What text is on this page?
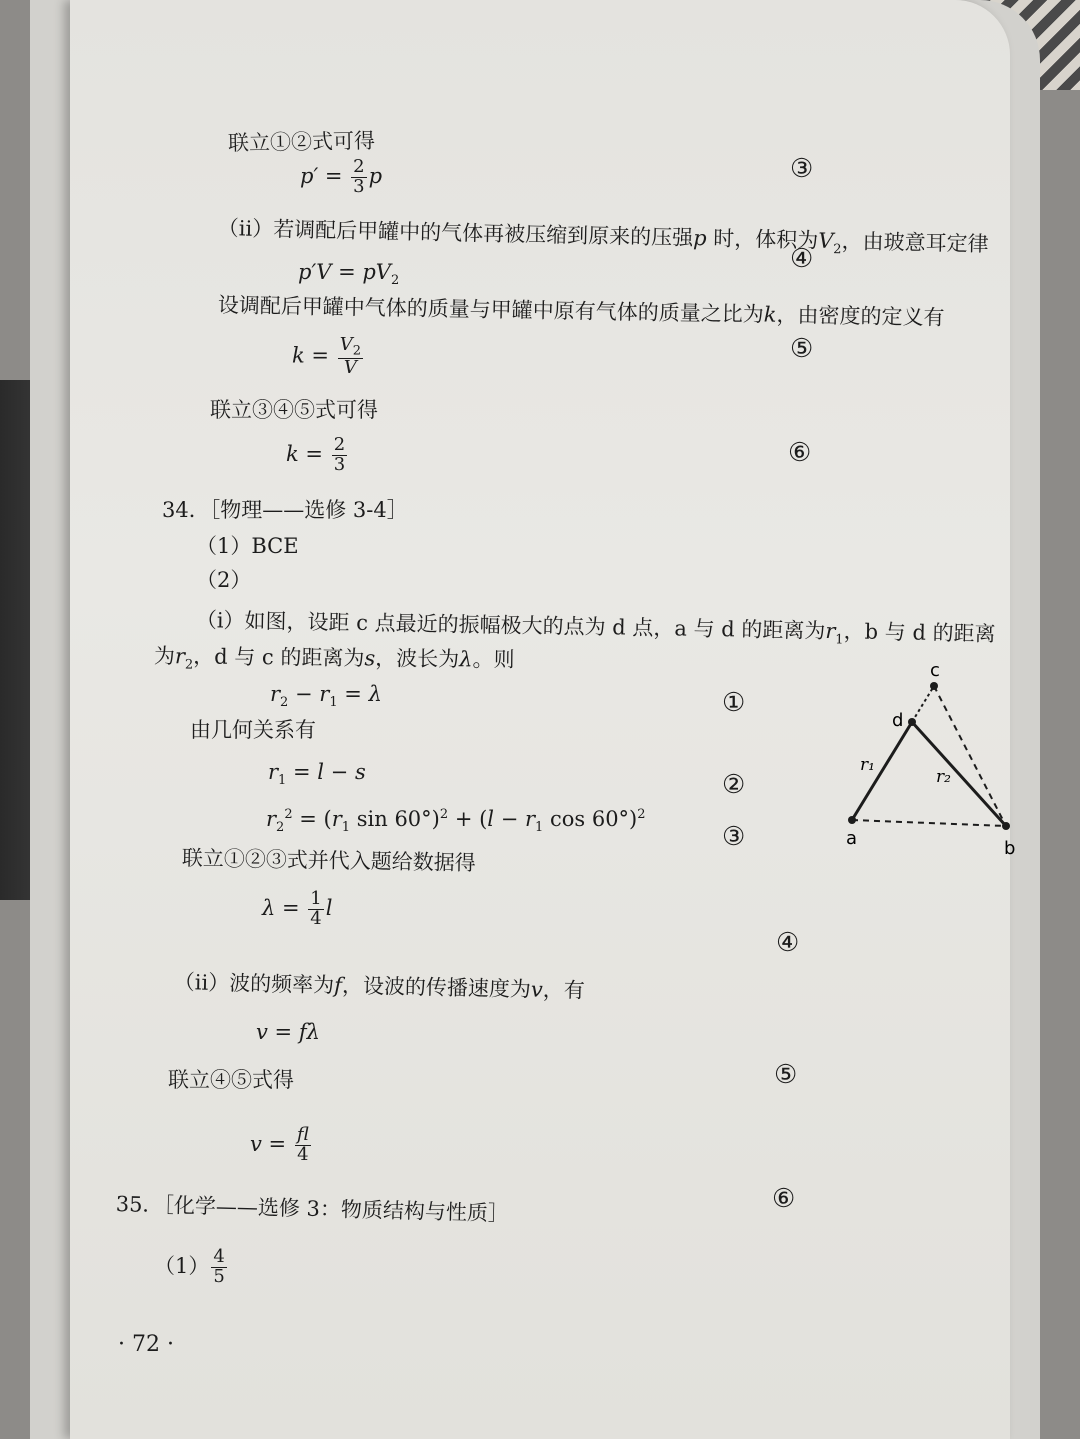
联立①②式可得
$p' = \frac{2}{3}$ p	③
（ii）若调配后甲罐中的气体再被压缩到原来的压强p 时，体积为$V_2$，由玻意耳定律
$p'V = pV_2$
④
设调配后甲罐中气体的质量与甲罐中原有气体的质量之比为k，由密度的定义有
$k = \frac{V_2}{V}$	⑤
联立③④⑤式可得
$k = \frac{2}{3}$	⑥
34．［物理——选修 3-4］
（1）BCE
（2）
（i）如图，设距 c 点最近的振幅极大的点为 d 点，a 与 d 的距离为$r_1$，b 与 d 的距离
为$r_2$，d 与 c 的距离为s，波长为λ。则
$r_2 - r_1 = \lambda$	①
由几何关系有
$r_1 = l - s$	②
$r_2^2 = (r_1$ $\sin 60^\circ)^2 + (l - r_1$ cos 60°)$^2$
③
联立①②③式并代入题给数据得
$\lambda = \frac{1}{4}$ l
④
（ii）波的频率为f，设波的传播速度为v，有
v = fλ
⑤
联立④⑤式得
$v = \frac{fl}{4}$
⑥
35．［化学——选修 3：物质结构与性质］
$(1) \frac{4}{5}$
· 72 ·
c
d
a	b
r₁
r₂
